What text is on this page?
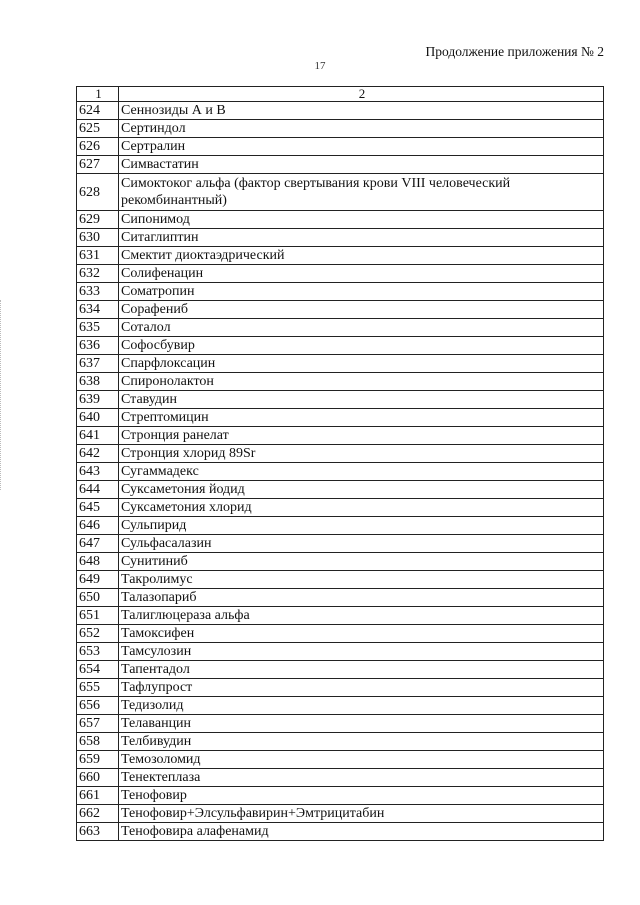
Продолжение приложения № 2
17
1	2
624	Сеннозиды А и В
625	Сертиндол
626	Сертралин
627	Симвастатин
628	Симоктоког альфа (фактор свертывания крови VIII человеческий рекомбинантный)
629	Сипонимод
630	Ситаглиптин
631	Смектит диоктаэдрический
632	Солифенацин
633	Соматропин
634	Сорафениб
635	Соталол
636	Софосбувир
637	Спарфлоксацин
638	Спиронолактон
639	Ставудин
640	Стрептомицин
641	Стронция ранелат
642	Стронция хлорид 89Sr
643	Сугаммадекс
644	Суксаметония йодид
645	Суксаметония хлорид
646	Сульпирид
647	Сульфасалазин
648	Сунитиниб
649	Такролимус
650	Талазопариб
651	Талиглюцераза альфа
652	Тамоксифен
653	Тамсулозин
654	Тапентадол
655	Тафлупрост
656	Тедизолид
657	Телаванцин
658	Телбивудин
659	Темозоломид
660	Тенектеплаза
661	Тенофовир
662	Тенофовир+Элсульфавирин+Эмтрицитабин
663	Тенофовира алафенамид
